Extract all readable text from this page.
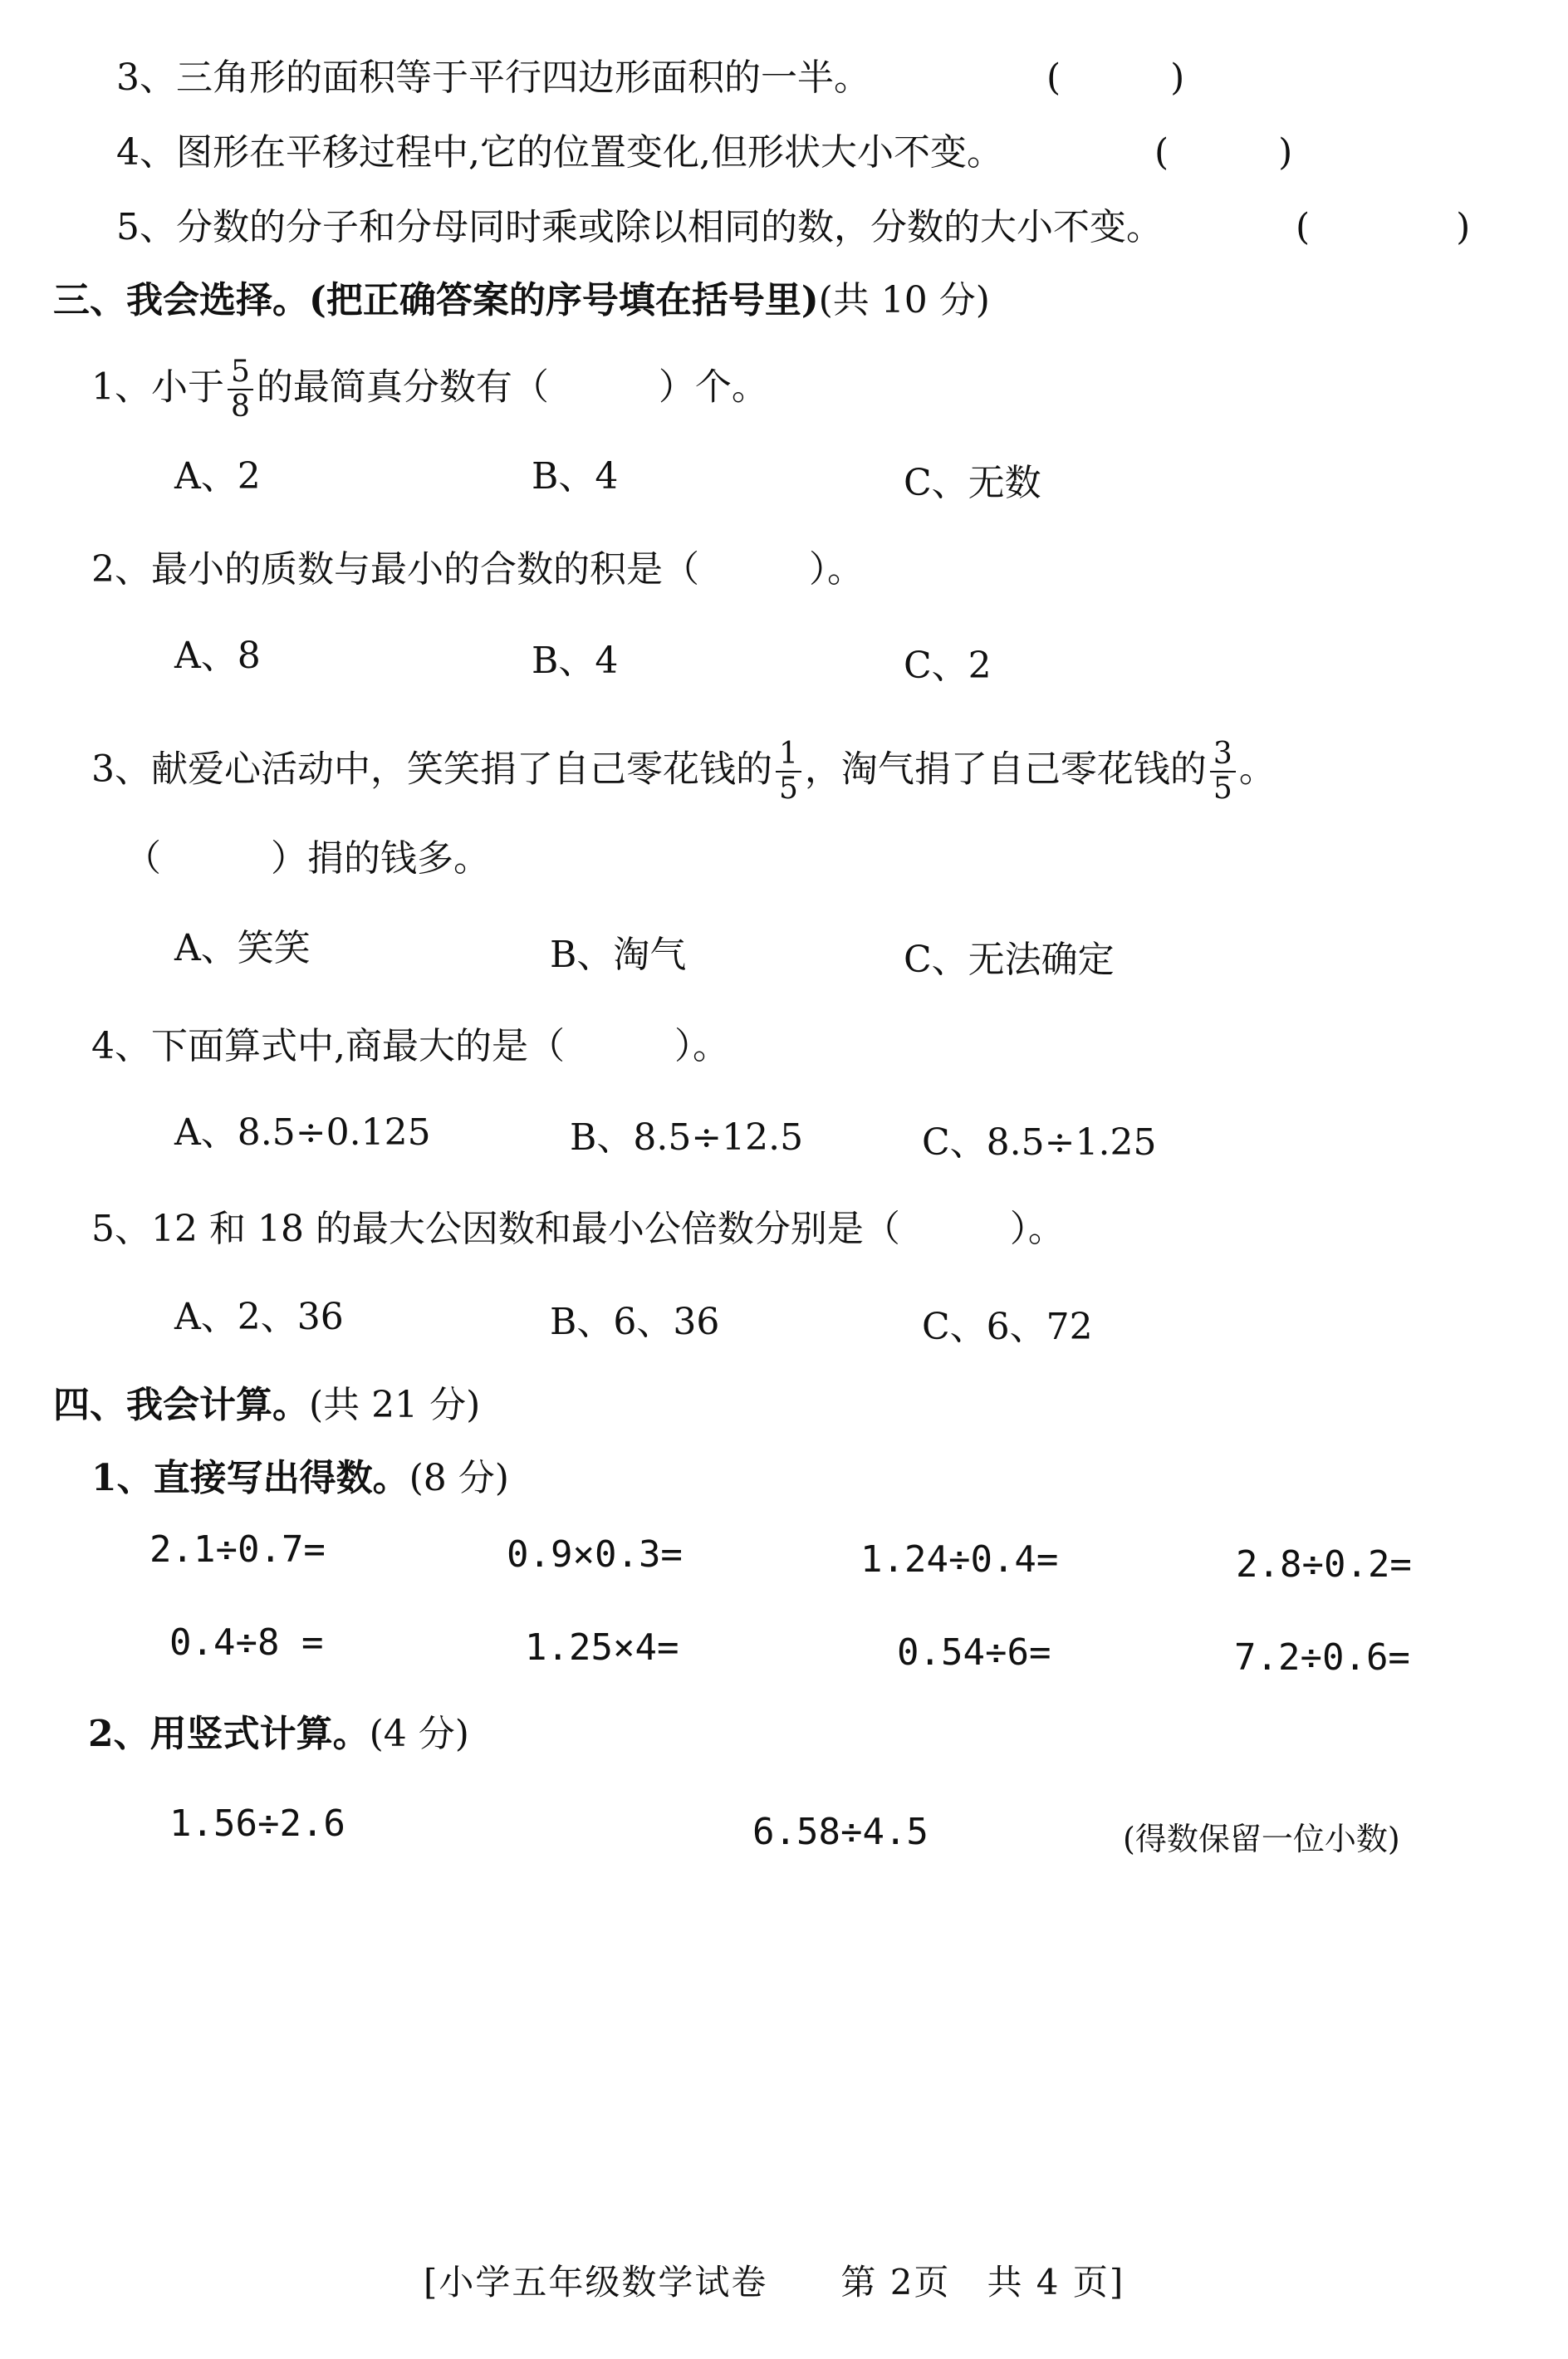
3、三角形的面积等于平行四边形面积的一半。	(　　　)
4、图形在平移过程中,它的位置变化,但形状大小不变。	(　　　)
5、分数的分子和分母同时乘或除以相同的数，分数的大小不变。	(　　　　)
三、我会选择。(把正确答案的序号填在括号里)(共 10 分)
1、小于 $\frac{5}{8}$ 的最简真分数有（　　　）个。
A、2	B、4	C、无数
2、最小的质数与最小的合数的积是（　　　）。
A、8	B、4	C、2
3、献爱心活动中，笑笑捐了自己零花钱的 $\frac{1}{5}$ ，淘气捐了自己零花钱的 $\frac{3}{5}$ 。
（　　　）捐的钱多。
A、笑笑	B、淘气	C、无法确定
4、下面算式中,商最大的是（　　　）。
A、8.5÷0.125	B、8.5÷12.5	C、8.5÷1.25
5、12 和 18 的最大公因数和最小公倍数分别是（　　　）。
A、2、36	B、6、36	C、6、72
四、我会计算。(共 21 分)
1、直接写出得数。(8 分)
2.1÷0.7=	0.9×0.3=	1.24÷0.4=	2.8÷0.2=
0.4÷8 =	1.25×4=	0.54÷6=	7.2÷0.6=
2、用竖式计算。(4 分)
1.56÷2.6	6.58÷4.5	(得数保留一位小数)
[小学五年级数学试卷　　第 2页　共 4 页]
